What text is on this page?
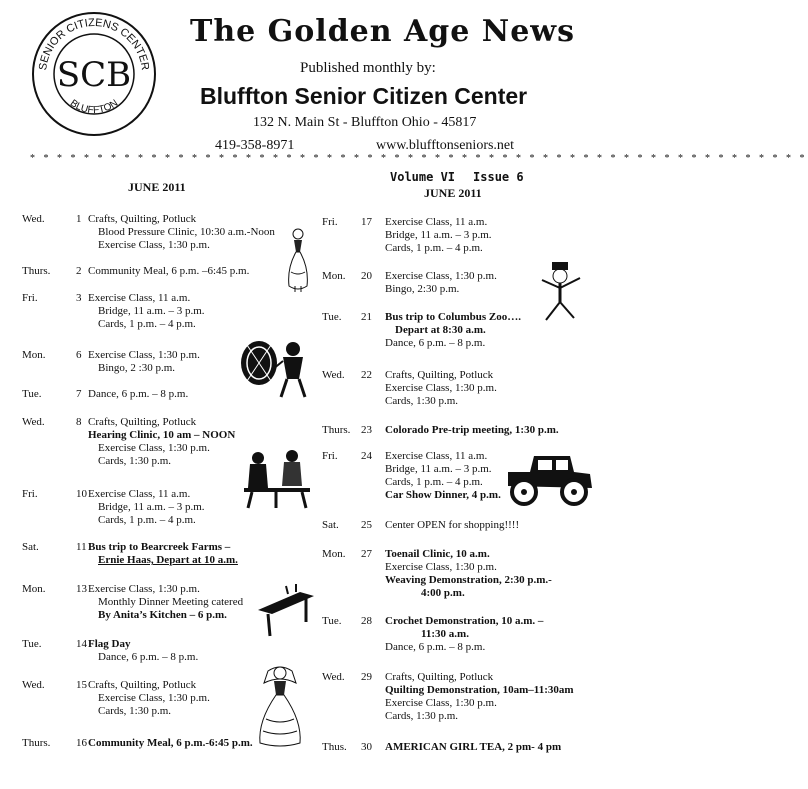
SENIOR CITIZENS CENTER
BLUFFTON
SCB
The Golden Age News
Published monthly by:
Bluffton Senior Citizen Center
132 N. Main St - Bluffton Ohio - 45817
419-358-8971	www.blufftonseniors.net
* * * * * * * * * * * * * * * * * * * * * * * * * * * * * * * * * * * * * * * * * * * * * * * * * * * * * * * * * *
JUNE 2011
Volume VI Issue 6
JUNE 2011
Wed.	1 Crafts, Quilting, Potluck
Blood Pressure Clinic, 10:30 a.m.-Noon
Exercise Class, 1:30 p.m.
Thurs. 2 Community Meal, 6 p.m. –6:45 p.m.
Fri.	3 Exercise Class, 11 a.m.
Bridge, 11 a.m. – 3 p.m.
Cards, 1 p.m. – 4 p.m.
Mon.	6 Exercise Class, 1:30 p.m.
Bingo, 2 :30 p.m.
Tue.	7 Dance, 6 p.m. – 8 p.m.
Wed.	8 Crafts, Quilting, Potluck
Hearing Clinic, 10 am – NOON
Exercise Class, 1:30 p.m.
Cards, 1:30 p.m.
Fri.	10 Exercise Class, 11 a.m.
Bridge, 11 a.m. – 3 p.m.
Cards, 1 p.m. – 4 p.m.
Sat.	11 Bus trip to Bearcreek Farms –
Ernie Haas, Depart at 10 a.m.
Mon.	13 Exercise Class, 1:30 p.m.
Monthly Dinner Meeting catered
By Anita’s Kitchen – 6 p.m.
Tue.	14 Flag Day
Dance, 6 p.m. – 8 p.m.
Wed.	15 Crafts, Quilting, Potluck
Exercise Class, 1:30 p.m.
Cards, 1:30 p.m.
Thurs. 16 Community Meal, 6 p.m.-6:45 p.m.
Fri. 17 Exercise Class, 11 a.m.
Bridge, 11 a.m. – 3 p.m.
Cards, 1 p.m. – 4 p.m.
Mon. 20 Exercise Class, 1:30 p.m.
Bingo, 2:30 p.m.
Tue. 21 Bus trip to Columbus Zoo….
Depart at 8:30 a.m.
Dance, 6 p.m. – 8 p.m.
Wed. 22 Crafts, Quilting, Potluck
Exercise Class, 1:30 p.m.
Cards, 1:30 p.m.
Thurs. 23 Colorado Pre-trip meeting, 1:30 p.m.
Fri. 24 Exercise Class, 11 a.m.
Bridge, 11 a.m. – 3 p.m.
Cards, 1 p.m. – 4 p.m.
Car Show Dinner, 4 p.m.
Sat. 25 Center OPEN for shopping!!!!
Mon. 27 Toenail Clinic, 10 a.m.
Exercise Class, 1:30 p.m.
Weaving Demonstration, 2:30 p.m.-
4:00 p.m.
Tue. 28 Crochet Demonstration, 10 a.m. –
11:30 a.m.
Dance, 6 p.m. – 8 p.m.
Wed. 29 Crafts, Quilting, Potluck
Quilting Demonstration, 10am–11:30am
Exercise Class, 1:30 p.m.
Cards, 1:30 p.m.
Thus. 30 AMERICAN GIRL TEA, 2 pm- 4 pm
